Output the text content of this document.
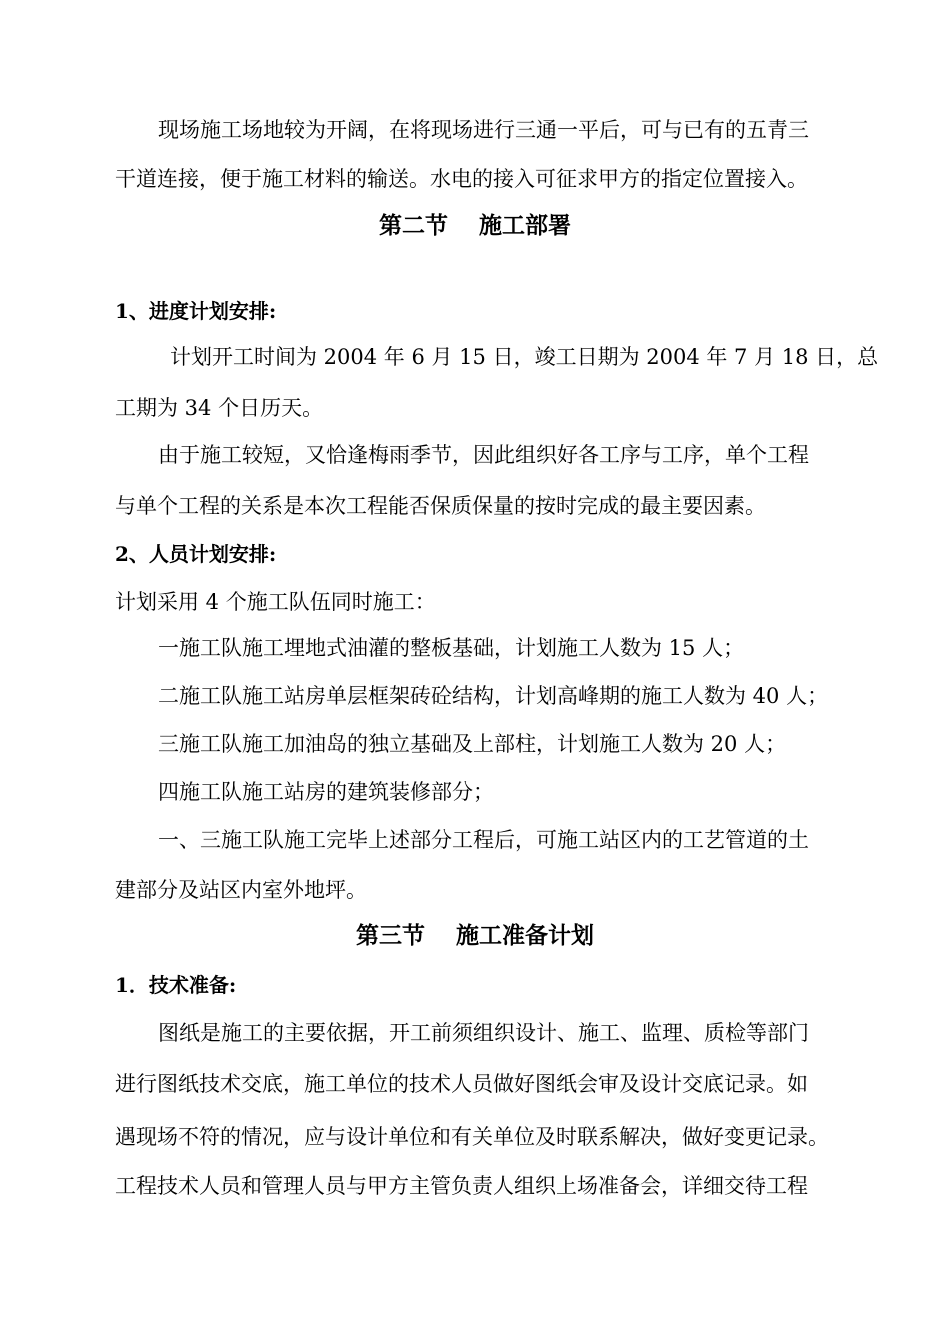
现场施工场地较为开阔，在将现场进行三通一平后，可与已有的五青三
干道连接，便于施工材料的输送。水电的接入可征求甲方的指定位置接入。
第二节　 施工部署
1、进度计划安排:
计划开工时间为 2004 年 6 月 15 日，竣工日期为 2004 年 7 月 18 日，总
工期为 34 个日历天。
由于施工较短，又恰逢梅雨季节，因此组织好各工序与工序，单个工程
与单个工程的关系是本次工程能否保质保量的按时完成的最主要因素。
2、人员计划安排:
计划采用 4 个施工队伍同时施工：
一施工队施工埋地式油灌的整板基础，计划施工人数为 15 人；
二施工队施工站房单层框架砖砼结构，计划高峰期的施工人数为 40 人；
三施工队施工加油岛的独立基础及上部柱，计划施工人数为 20 人；
四施工队施工站房的建筑装修部分；
一、三施工队施工完毕上述部分工程后，可施工站区内的工艺管道的土
建部分及站区内室外地坪。
第三节　 施工准备计划
1．技术准备:
图纸是施工的主要依据，开工前须组织设计、施工、监理、质检等部门
进行图纸技术交底，施工单位的技术人员做好图纸会审及设计交底记录。如
遇现场不符的情况，应与设计单位和有关单位及时联系解决，做好变更记录。
工程技术人员和管理人员与甲方主管负责人组织上场准备会，详细交待工程
